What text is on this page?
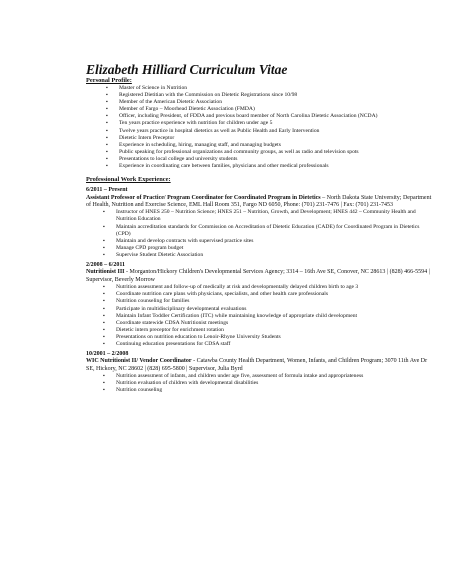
Elizabeth Hilliard Curriculum Vitae

Personal Profile:

▪ Master of Science in Nutrition
▪ Registered Dietitian with the Commission on Dietetic Registrations since 10/98
▪ Member of the American Dietetic Association
▪ Member of Fargo – Moorhead Dietetic Association (FMDA)
▪ Officer, including President, of FDDA and previous board member of North Carolina Dietetic Association (NCDA)
▪ Ten years practice experience with nutrition for children under age 5
▪ Twelve years practice in hospital dietetics as well as Public Health and Early Intervention
▪ Dietetic Intern Preceptor
▪ Experience in scheduling, hiring, managing staff, and managing budgets
▪ Public speaking for professional organizations and community groups, as well as radio and television spots
▪ Presentations to local college and university students
▪ Experience in coordinating care between families, physicians and other medical professionals

Professional Work Experience:

6/2011 – Present

Assistant Professor of Practice/ Program Coordinator for Coordinated Program in Dietetics – North Dakota State University; Department of Health, Nutrition and Exercise Science, EML Hall Room 351, Fargo ND 6050, Phone: (701) 231-7476 | Fax: (701) 231-7453

▪ Instructor of HNES 250 – Nutrition Science; HNES 251 – Nutrition, Growth, and Development; HNES 442 – Community Health and Nutrition Education
▪ Maintain accreditation standards for Commission on Accreditation of Dietetic Education (CADE) for Coordinated Program in Dietetics (CPD)
▪ Maintain and develop contracts with supervised practice sites
▪ Manage CPD program budget
▪ Supervise Student Dietetic Association

2/2008 – 6/2011

Nutritionist III - Morganton/Hickory Children's Developmental Services Agency; 3314 – 16th Ave SE, Conover, NC 28613 | (828) 466-5594 | Supervisor, Beverly Morrow

▪ Nutrition assessment and follow-up of medically at risk and developmentally delayed children birth to age 3
▪ Coordinate nutrition care plans with physicians, specialists, and other health care professionals
▪ Nutrition counseling for families
▪ Participate in multidisciplinary developmental evaluations
▪ Maintain Infant Toddler Certification (ITC) while maintaining knowledge of appropriate child development
▪ Coordinate statewide CDSA Nutritionist meetings
▪ Dietetic intern preceptor for enrichment rotation
▪ Presentations on nutrition education to Lenoir-Rhyne University Students
▪ Continuing education presentations for CDSA staff

10/2001 – 2/2008

WIC Nutritionist II/ Vendor Coordinator - Catawba County Health Department, Women, Infants, and Children Program; 3070 11th Ave Dr SE, Hickory, NC 28602 | (828) 695-5800 | Supervisor, Julia Byrd

▪ Nutrition assessment of infants, and children under age five, assessment of formula intake and appropriateness
▪ Nutrition evaluation of children with developmental disabilities
▪ Nutrition counseling
